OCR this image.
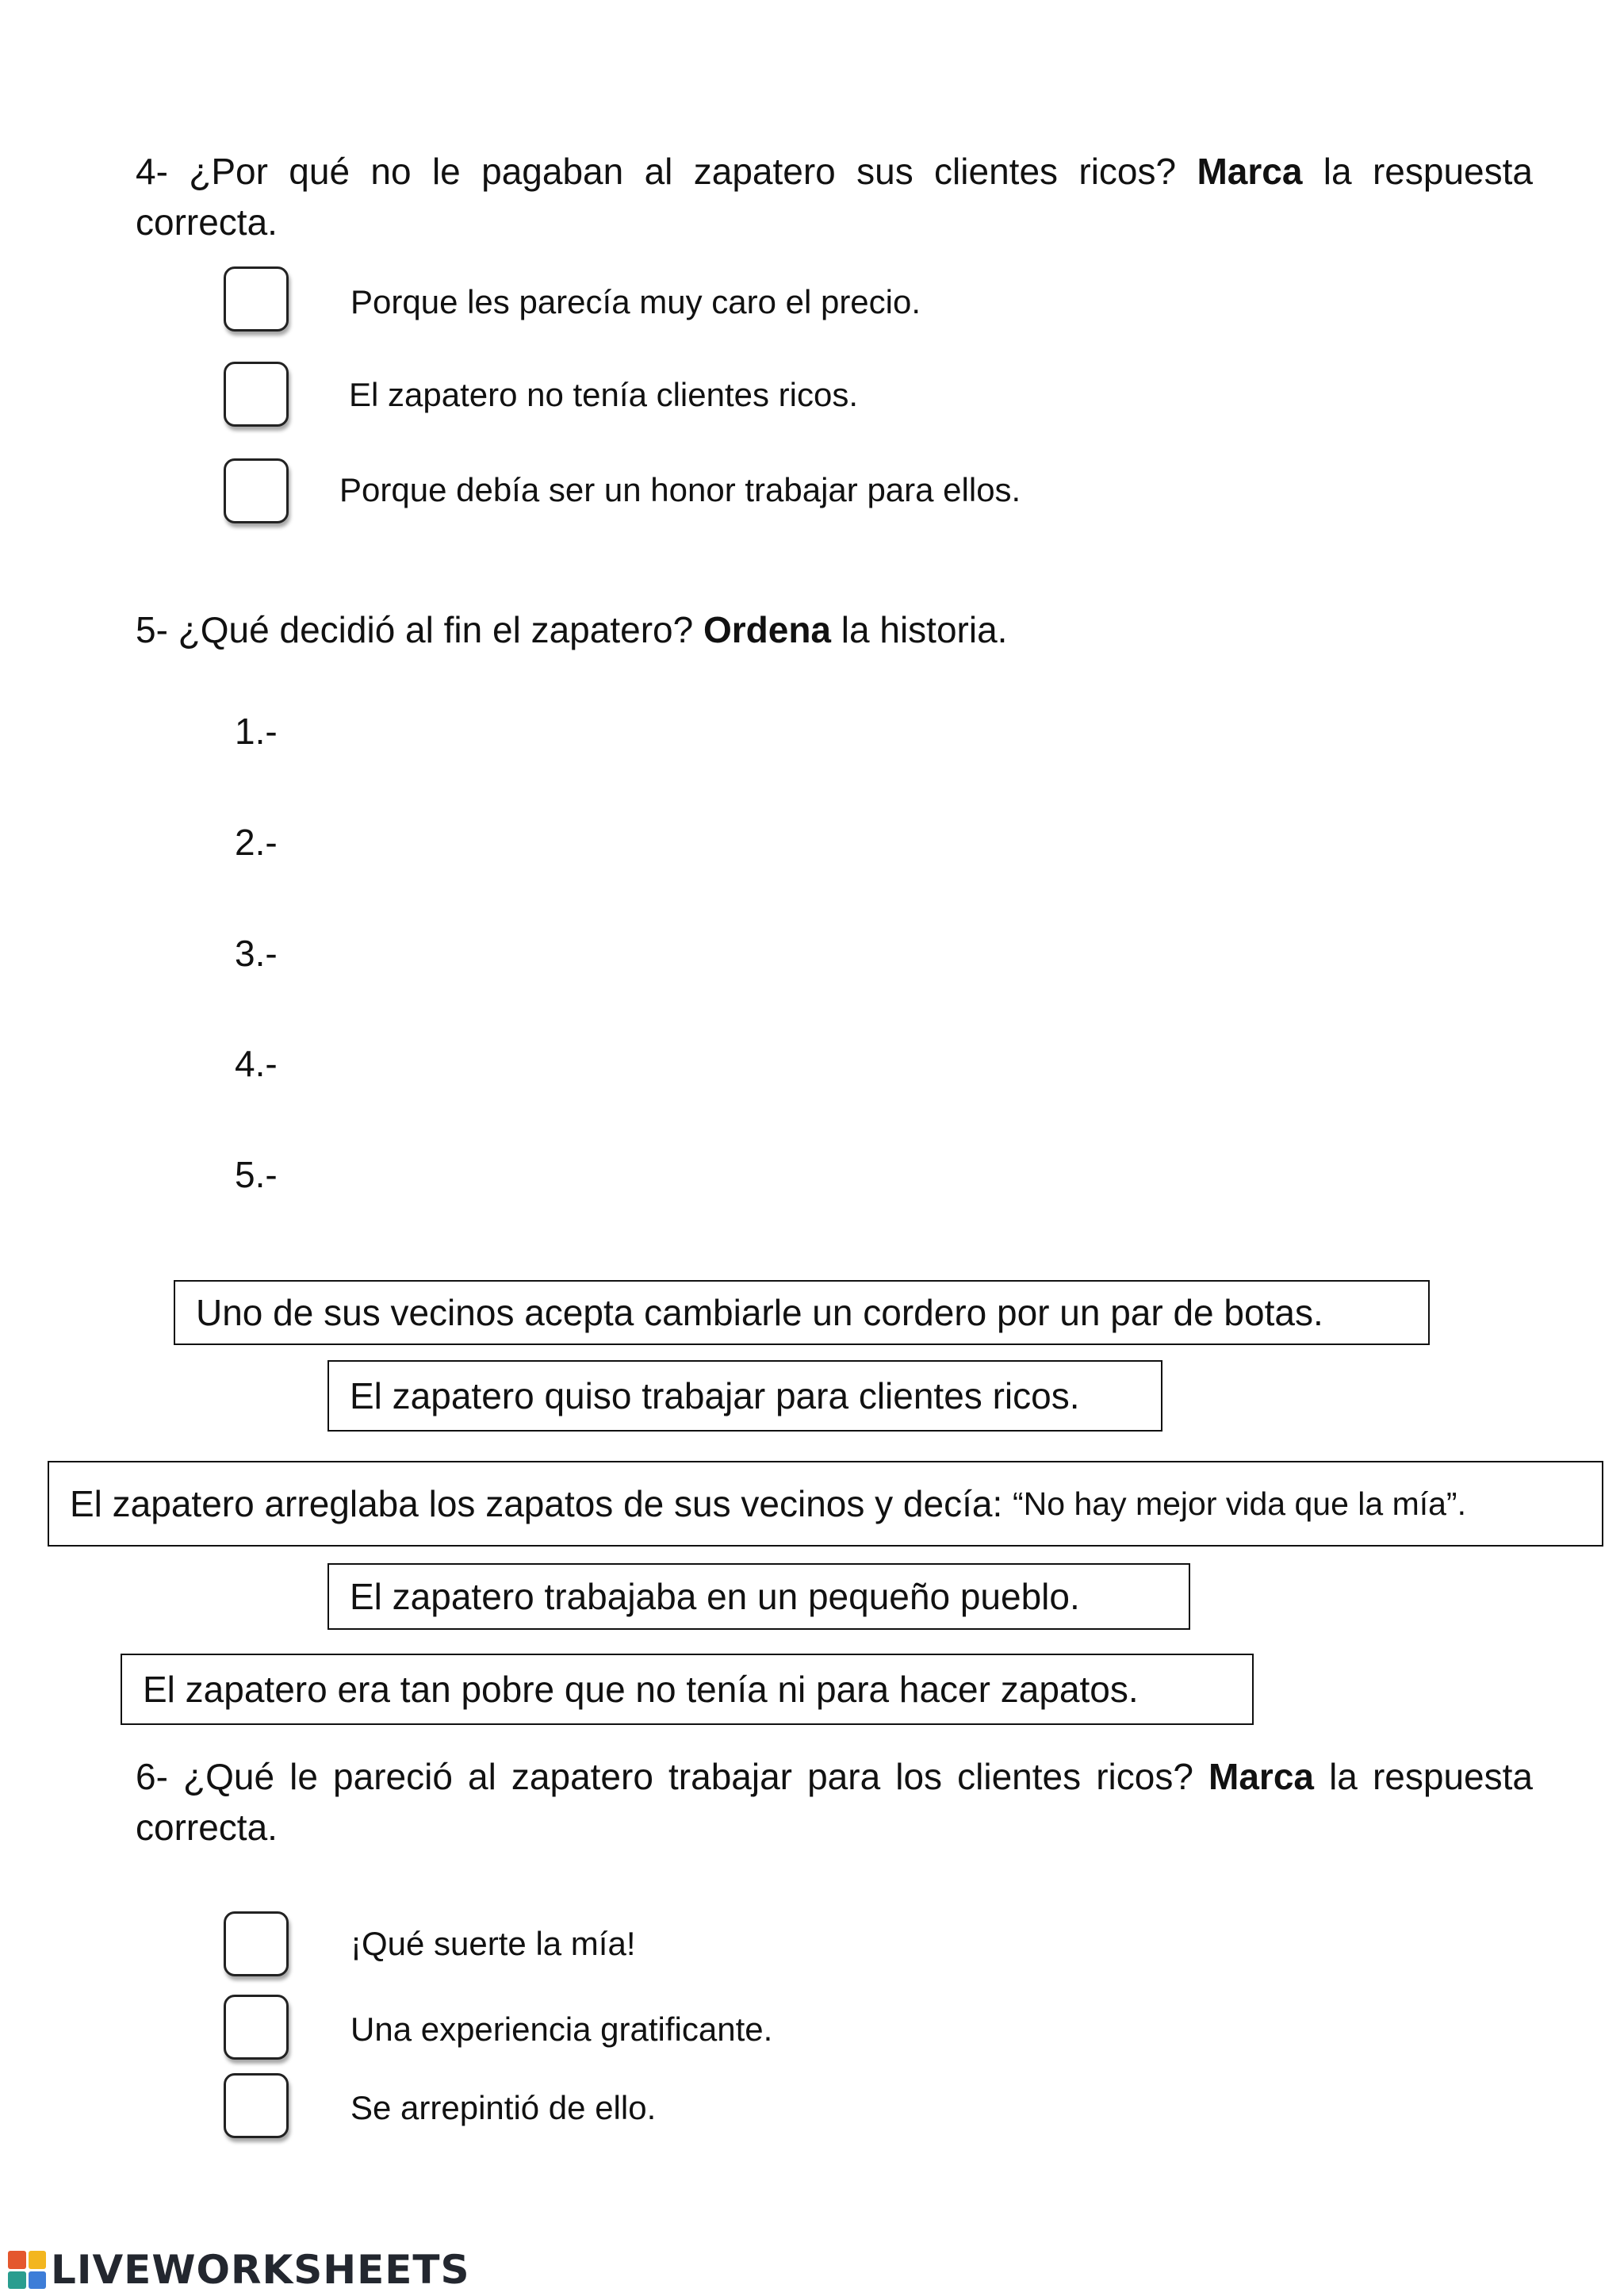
4- ¿Por qué no le pagaban al zapatero sus clientes ricos? Marca la respuesta
correcta.
Porque les parecía muy caro el precio.
El zapatero no tenía clientes ricos.
Porque debía ser un honor trabajar para ellos.
5- ¿Qué decidió al fin el zapatero? Ordena la historia.
1.-
2.-
3.-
4.-
5.-
Uno de sus vecinos acepta cambiarle un cordero por un par de botas.
El zapatero quiso trabajar para clientes ricos.
El zapatero arreglaba los zapatos de sus vecinos y decía: “No hay mejor vida que la mía”.
El zapatero trabajaba en un pequeño pueblo.
El zapatero era tan pobre que no tenía ni para hacer zapatos.
6- ¿Qué le pareció al zapatero trabajar para los clientes ricos? Marca la respuesta
correcta.
¡Qué suerte la mía!
Una experiencia gratificante.
Se arrepintió de ello.
LIVEWORKSHEETS
